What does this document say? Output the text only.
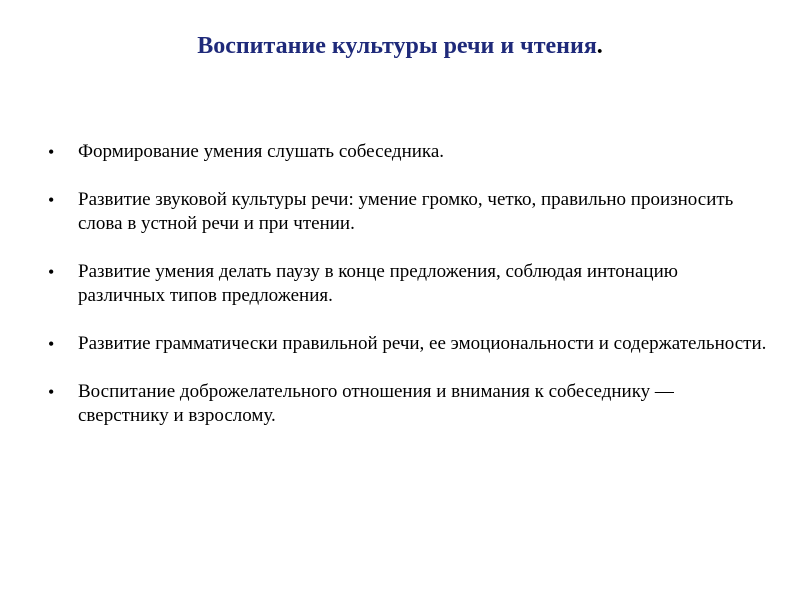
Воспитание культуры речи и чтения.
•	Формирование умения слушать собеседника.
•	Развитие звуковой культуры речи: умение громко, четко, правильно произносить слова в устной речи и при чтении.
•	Развитие умения делать паузу в конце предложения, соблюдая интонацию различных типов предложения.
•	Развитие грамматически правильной речи, ее эмоциональности и содержательности.
•	Воспитание доброжелательного отношения и внимания к собеседнику — сверстнику и взрослому.
